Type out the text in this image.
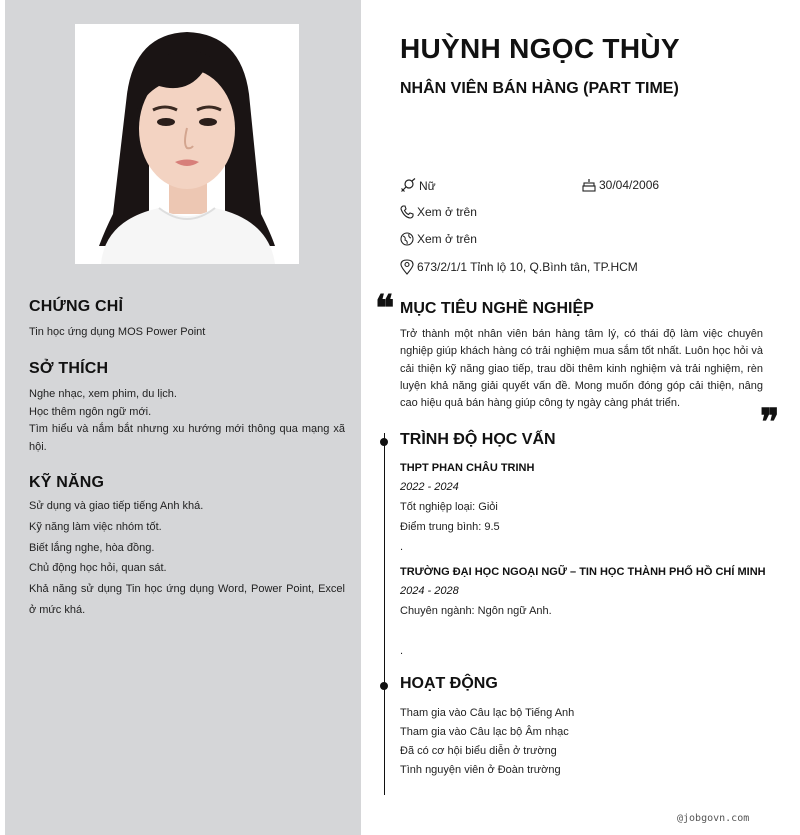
CHỨNG CHỈ

Tin học ứng dụng MOS Power Point

SỞ THÍCH

Nghe nhạc, xem phim, du lịch.

Học thêm ngôn ngữ mới.

Tìm hiểu và nắm bắt nhưng xu hướng mới thông qua mạng xã hội.

KỸ NĂNG

Sử dụng và giao tiếp tiếng Anh khá.

Kỹ năng làm việc nhóm tốt.

Biết lắng nghe, hòa đồng.

Chủ động học hỏi, quan sát.

Khả năng sử dụng Tin học ứng dụng Word, Power Point, Excel ở mức khá.

HUỲNH NGỌC THÙY
NHÂN VIÊN BÁN HÀNG (PART TIME)
Nữ	30/04/2006
Xem ở trên
Xem ở trên
673/2/1/1 Tỉnh lộ 10, Q.Bình tân, TP.HCM
❝ MỤC TIÊU NGHỀ NGHIỆP

Trở thành một nhân viên bán hàng tâm lý, có thái độ làm việc chuyên nghiệp giúp khách hàng có trải nghiệm mua sắm tốt nhất. Luôn học hỏi và cải thiện kỹ năng giao tiếp, trau dồi thêm kinh nghiệm và trải nghiệm, rèn luyện khả năng giải quyết vấn đề. Mong muốn đóng góp cải thiện, nâng cao hiệu quả bán hàng giúp công ty ngày càng phát triển.	❞
TRÌNH ĐỘ HỌC VẤN

THPT PHAN CHÂU TRINH

2022 - 2024

Tốt nghiệp loại: Giỏi

Điểm trung bình: 9.5

.

TRƯỜNG ĐẠI HỌC NGOẠI NGỮ – TIN HỌC THÀNH PHỐ HỒ CHÍ MINH

2024 - 2028

Chuyên ngành: Ngôn ngữ Anh.

.

HOẠT ĐỘNG

Tham gia vào Câu lạc bộ Tiếng Anh

Tham gia vào Câu lạc bộ Âm nhạc

Đã có cơ hội biểu diễn ở trường

Tình nguyện viên ở Đoàn trường

@jobgovn.com
